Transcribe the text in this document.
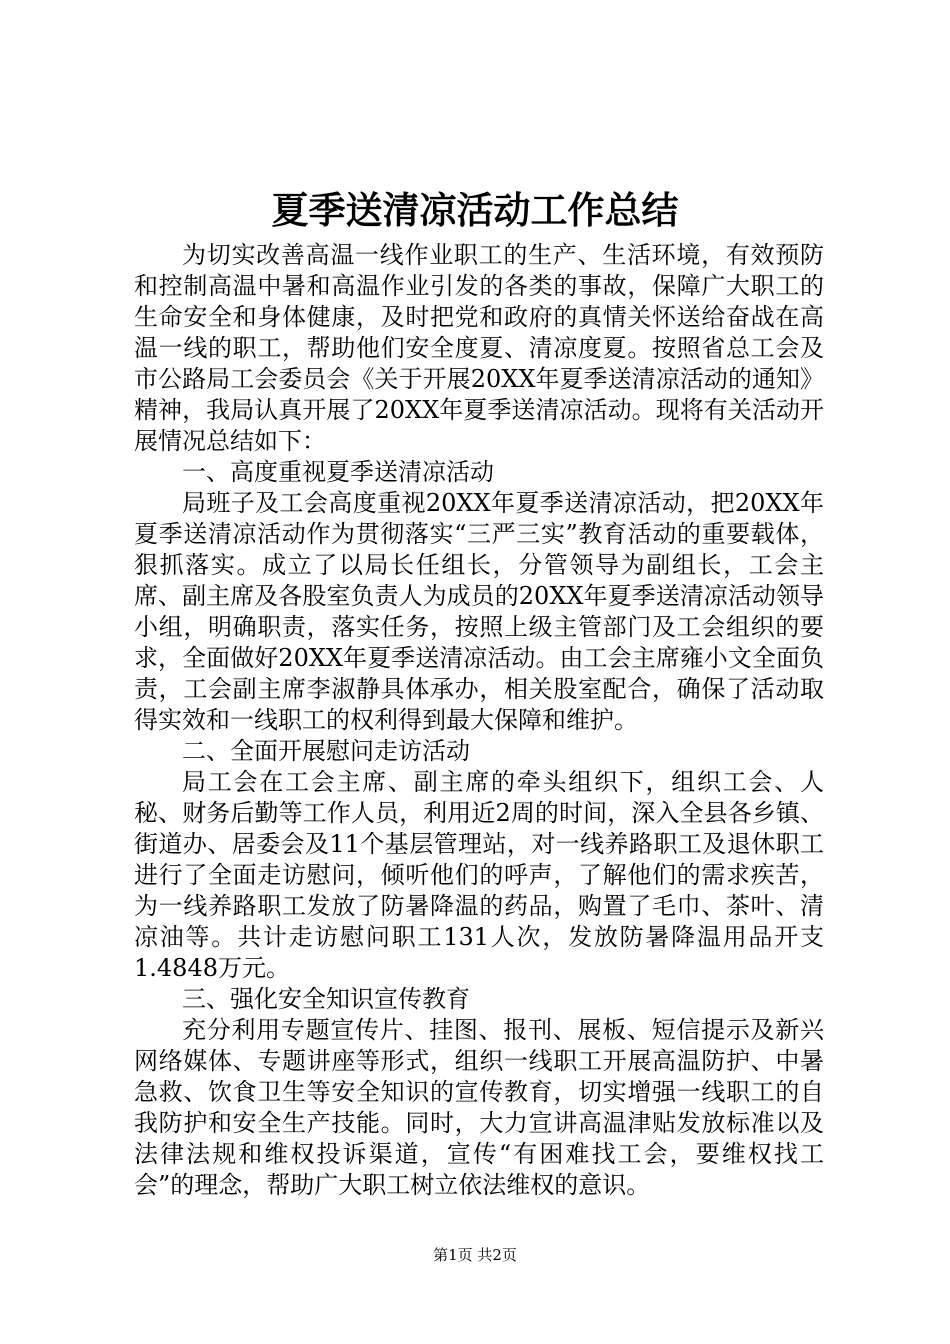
夏季送清凉活动工作总结

为切实改善高温一线作业职工的生产、生活环境，有效预防和控制高温中暑和高温作业引发的各类的事故，保障广大职工的生命安全和身体健康，及时把党和政府的真情关怀送给奋战在高温一线的职工，帮助他们安全度夏、清凉度夏。按照省总工会及市公路局工会委员会《关于开展20XX年夏季送清凉活动的通知》精神，我局认真开展了20XX年夏季送清凉活动。现将有关活动开展情况总结如下：

一、高度重视夏季送清凉活动

局班子及工会高度重视20XX年夏季送清凉活动，把20XX年夏季送清凉活动作为贯彻落实“三严三实”教育活动的重要载体，狠抓落实。成立了以局长任组长，分管领导为副组长，工会主席、副主席及各股室负责人为成员的20XX年夏季送清凉活动领导小组，明确职责，落实任务，按照上级主管部门及工会组织的要求，全面做好20XX年夏季送清凉活动。由工会主席雍小文全面负责，工会副主席李淑静具体承办，相关股室配合，确保了活动取得实效和一线职工的权利得到最大保障和维护。

二、全面开展慰问走访活动

局工会在工会主席、副主席的牵头组织下，组织工会、人秘、财务后勤等工作人员，利用近2周的时间，深入全县各乡镇、街道办、居委会及11个基层管理站，对一线养路职工及退休职工进行了全面走访慰问，倾听他们的呼声，了解他们的需求疾苦，为一线养路职工发放了防暑降温的药品，购置了毛巾、茶叶、清凉油等。共计走访慰问职工131人次，发放防暑降温用品开支1.4848万元。

三、强化安全知识宣传教育

充分利用专题宣传片、挂图、报刊、展板、短信提示及新兴网络媒体、专题讲座等形式，组织一线职工开展高温防护、中暑急救、饮食卫生等安全知识的宣传教育，切实增强一线职工的自我防护和安全生产技能。同时，大力宣讲高温津贴发放标准以及法律法规和维权投诉渠道，宣传“有困难找工会，要维权找工会”的理念，帮助广大职工树立依法维权的意识。

第1页 共2页
